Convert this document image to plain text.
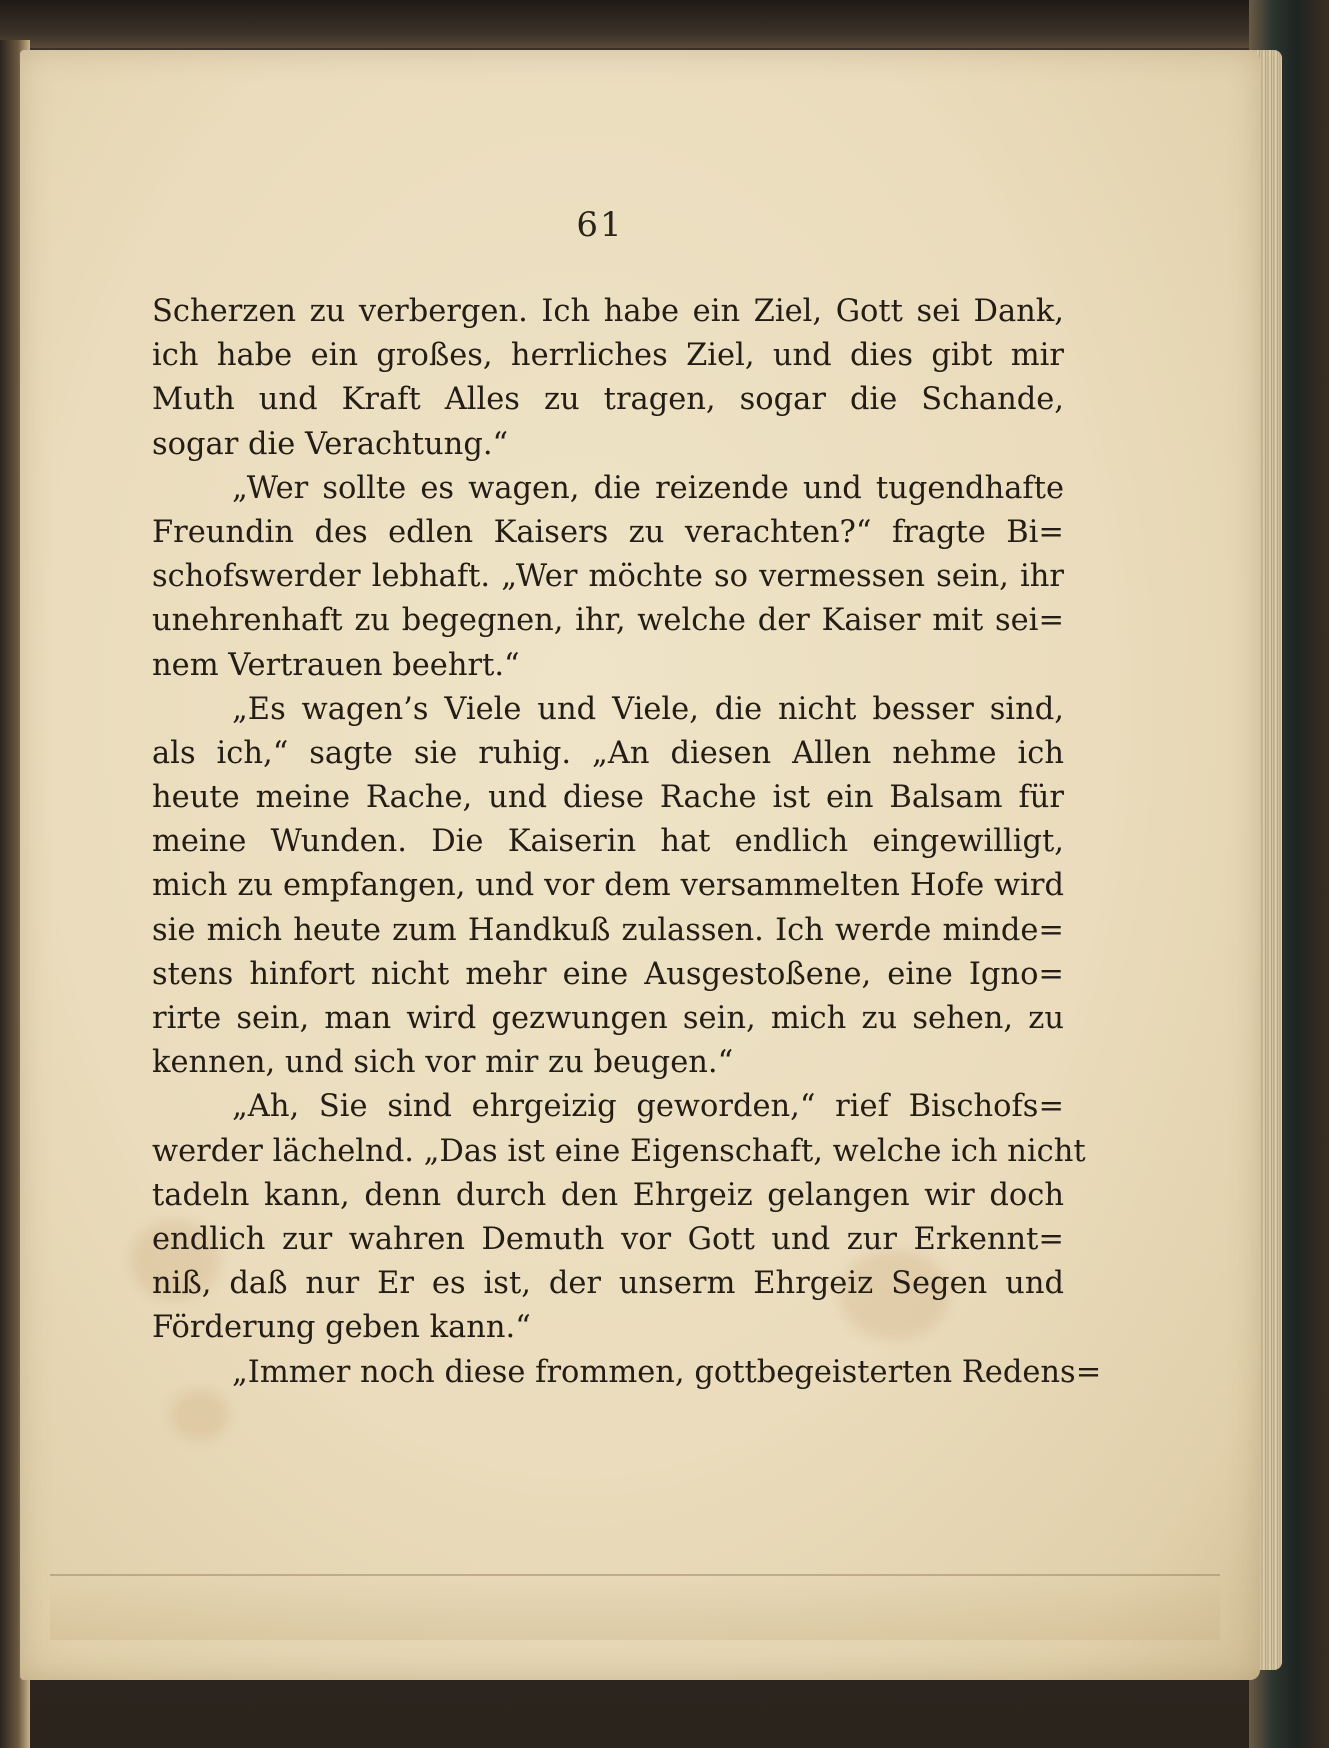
61
Scherzen zu verbergen. Ich habe ein Ziel, Gott sei Dank,
ich habe ein großes, herrliches Ziel, und dies gibt mir
Muth und Kraft Alles zu tragen, sogar die Schande,
sogar die Verachtung.“
„Wer sollte es wagen, die reizende und tugendhafte
Freundin des edlen Kaisers zu verachten?“ fragte Bi=
schofswerder lebhaft. „Wer möchte so vermessen sein, ihr
unehrenhaft zu begegnen, ihr, welche der Kaiser mit sei=
nem Vertrauen beehrt.“
„Es wagen’s Viele und Viele, die nicht besser sind,
als ich,“ sagte sie ruhig. „An diesen Allen nehme ich
heute meine Rache, und diese Rache ist ein Balsam für
meine Wunden. Die Kaiserin hat endlich eingewilligt,
mich zu empfangen, und vor dem versammelten Hofe wird
sie mich heute zum Handkuß zulassen. Ich werde minde=
stens hinfort nicht mehr eine Ausgestoßene, eine Igno=
rirte sein, man wird gezwungen sein, mich zu sehen, zu
kennen, und sich vor mir zu beugen.“
„Ah, Sie sind ehrgeizig geworden,“ rief Bischofs=
werder lächelnd. „Das ist eine Eigenschaft, welche ich nicht
tadeln kann, denn durch den Ehrgeiz gelangen wir doch
endlich zur wahren Demuth vor Gott und zur Erkennt=
niß, daß nur Er es ist, der unserm Ehrgeiz Segen und
Förderung geben kann.“
„Immer noch diese frommen, gottbegeisterten Redens=
